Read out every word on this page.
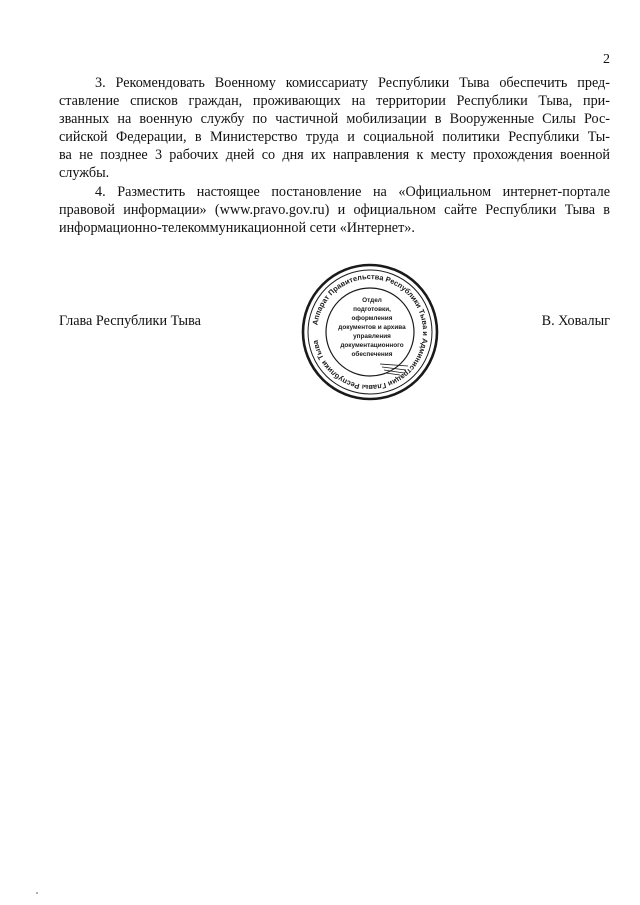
2

3. Рекомендовать Военному комиссариату Республики Тыва обеспечить пред-
ставление списков граждан, проживающих на территории Республики Тыва, при-
званных на военную службу по частичной мобилизации в Вооруженные Силы Рос-
сийской Федерации, в Министерство труда и социальной политики Республики Ты-
ва не позднее 3 рабочих дней со дня их направления к месту прохождения военной
службы.

4. Разместить настоящее постановление на «Официальном интернет-портале
правовой информации» (www.pravo.gov.ru) и официальном сайте Республики Тыва в
информационно-телекоммуникационной сети «Интернет».

Глава Республики Тыва	Аппарат Правительства Республики Тыва и Администрации Главы Республики Тыва
Отдел
подготовки,
оформления
документов и архива
управления
документационного
обеспечения
В. Ховалыг
